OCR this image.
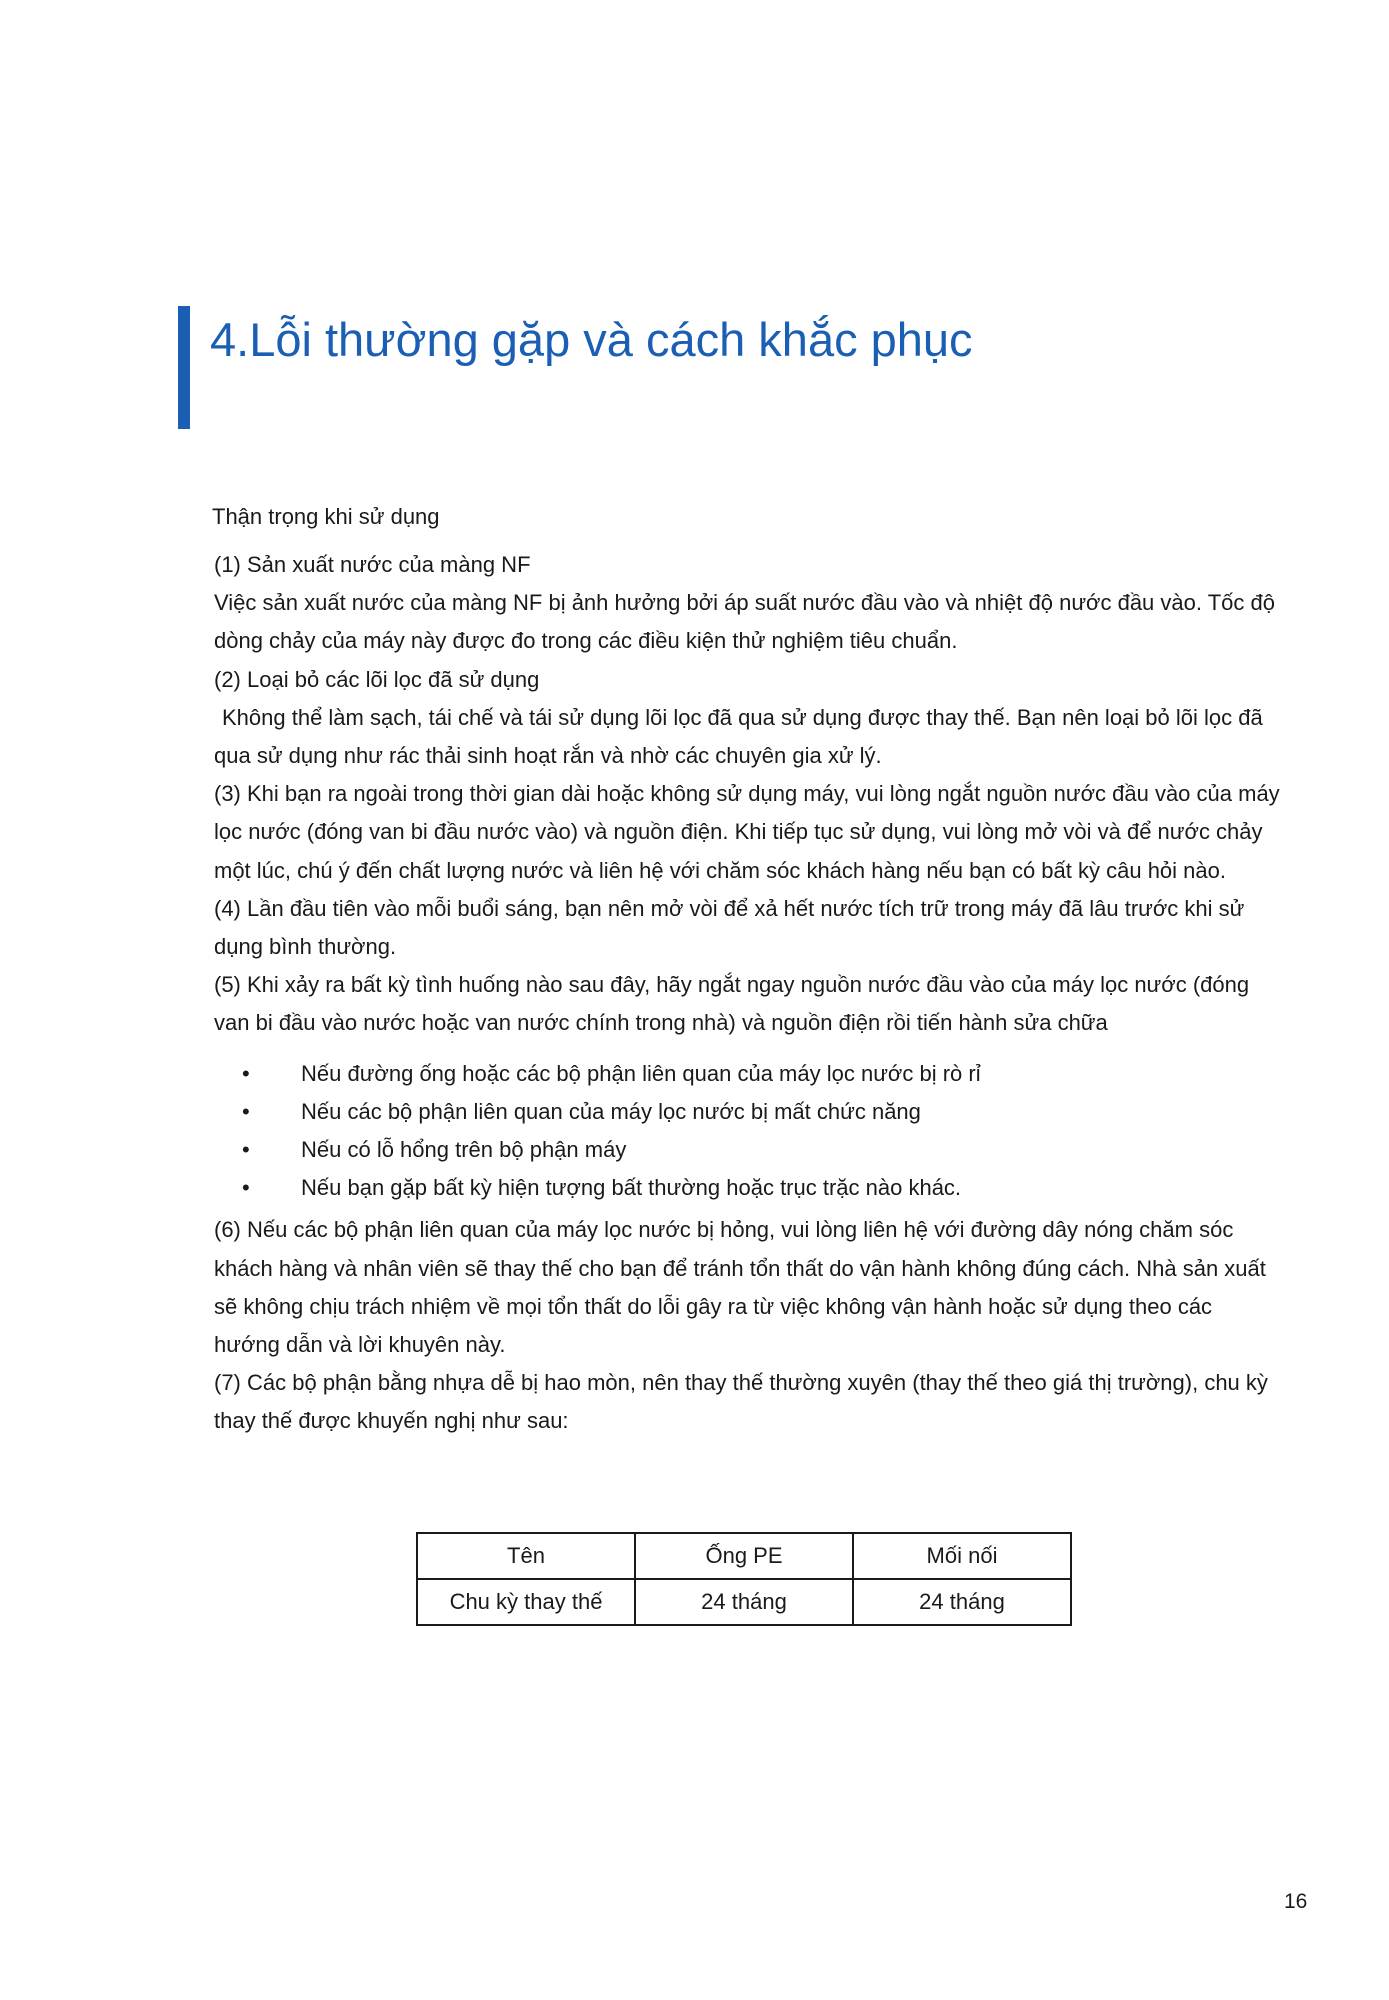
4.Lỗi thường gặp và cách khắc phục
Thận trọng khi sử dụng

(1) Sản xuất nước của màng NF

Việc sản xuất nước của màng NF bị ảnh hưởng bởi áp suất nước đầu vào và nhiệt độ nước đầu vào. Tốc độ dòng chảy của máy này được đo trong các điều kiện thử nghiệm tiêu chuẩn.

(2) Loại bỏ các lõi lọc đã sử dụng

Không thể làm sạch, tái chế và tái sử dụng lõi lọc đã qua sử dụng được thay thế. Bạn nên loại bỏ lõi lọc đã qua sử dụng như rác thải sinh hoạt rắn và nhờ các chuyên gia xử lý.

(3) Khi bạn ra ngoài trong thời gian dài hoặc không sử dụng máy, vui lòng ngắt nguồn nước đầu vào của máy lọc nước (đóng van bi đầu nước vào) và nguồn điện. Khi tiếp tục sử dụng, vui lòng mở vòi và để nước chảy một lúc, chú ý đến chất lượng nước và liên hệ với chăm sóc khách hàng nếu bạn có bất kỳ câu hỏi nào.

(4) Lần đầu tiên vào mỗi buổi sáng, bạn nên mở vòi để xả hết nước tích trữ trong máy đã lâu trước khi sử dụng bình thường.

(5) Khi xảy ra bất kỳ tình huống nào sau đây, hãy ngắt ngay nguồn nước đầu vào của máy lọc nước (đóng van bi đầu vào nước hoặc van nước chính trong nhà) và nguồn điện rồi tiến hành sửa chữa

• Nếu đường ống hoặc các bộ phận liên quan của máy lọc nước bị rò rỉ
• Nếu các bộ phận liên quan của máy lọc nước bị mất chức năng
• Nếu có lỗ hổng trên bộ phận máy
• Nếu bạn gặp bất kỳ hiện tượng bất thường hoặc trục trặc nào khác.

(6) Nếu các bộ phận liên quan của máy lọc nước bị hỏng, vui lòng liên hệ với đường dây nóng chăm sóc khách hàng và nhân viên sẽ thay thế cho bạn để tránh tổn thất do vận hành không đúng cách. Nhà sản xuất sẽ không chịu trách nhiệm về mọi tổn thất do lỗi gây ra từ việc không vận hành hoặc sử dụng theo các hướng dẫn và lời khuyên này.

(7) Các bộ phận bằng nhựa dễ bị hao mòn, nên thay thế thường xuyên (thay thế theo giá thị trường), chu kỳ thay thế được khuyến nghị như sau:

Tên	Ống PE	Mối nối
Chu kỳ thay thế	24 tháng	24 tháng
16
